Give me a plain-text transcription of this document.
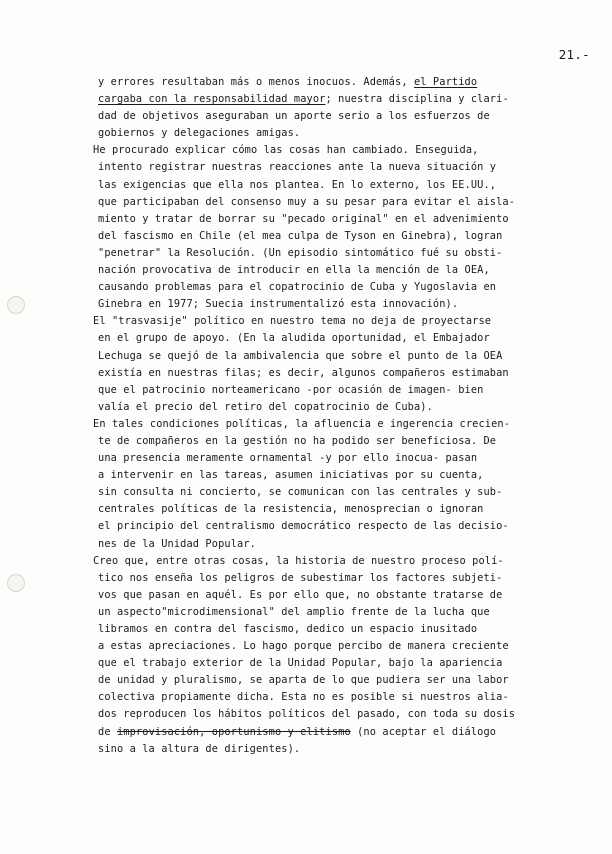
21.-
y errores resultaban más o menos inocuos. Además, el Partido
cargaba con la responsabilidad mayor; nuestra disciplina y clari-
dad de objetivos aseguraban un aporte serio a los esfuerzos de
gobiernos y delegaciones amigas.
He procurado explicar cómo las cosas han cambiado. Enseguida,
intento registrar nuestras reacciones ante la nueva situación y
las exigencias que ella nos plantea. En lo externo, los EE.UU.,
que participaban del consenso muy a su pesar para evitar el aisla-
miento y tratar de borrar su "pecado original" en el advenimiento
del fascismo en Chile (el mea culpa de Tyson en Ginebra), logran
"penetrar" la Resolución. (Un episodio sintomático fué su obsti-
nación provocativa de introducir en ella la mención de la OEA,
causando problemas para el copatrocinio de Cuba y Yugoslavia en
Ginebra en 1977; Suecia instrumentalizó esta innovación).
El "trasvasije" político en nuestro tema no deja de proyectarse
en el grupo de apoyo. (En la aludida oportunidad, el Embajador
Lechuga se quejó de la ambivalencia que sobre el punto de la OEA
existía en nuestras filas; es decir, algunos compañeros estimaban
que el patrocinio norteamericano -por ocasión de imagen- bien
valía el precio del retiro del copatrocinio de Cuba).
En tales condiciones políticas, la afluencia e ingerencia crecien-
te de compañeros en la gestión no ha podido ser beneficiosa. De
una presencia meramente ornamental -y por ello inocua- pasan
a intervenir en las tareas, asumen iniciativas por su cuenta,
sin consulta ni concierto, se comunican con las centrales y sub-
centrales políticas de la resistencia, menosprecian o ignoran
el principio del centralismo democrático respecto de las decisio-
nes de la Unidad Popular.
Creo que, entre otras cosas, la historia de nuestro proceso polí-
tico nos enseña los peligros de subestimar los factores subjeti-
vos que pasan en aquél. Es por ello que, no obstante tratarse de
un aspecto"microdimensional" del amplio frente de la lucha que
libramos en contra del fascismo, dedico un espacio inusitado
a estas apreciaciones. Lo hago porque percibo de manera creciente
que el trabajo exterior de la Unidad Popular, bajo la apariencia
de unidad y pluralismo, se aparta de lo que pudiera ser una labor
colectiva propiamente dicha. Esta no es posible si nuestros alia-
dos reproducen los hábitos políticos del pasado, con toda su dosis
de improvisación, oportunismo y elitismo (no aceptar el diálogo
sino a la altura de dirigentes).
